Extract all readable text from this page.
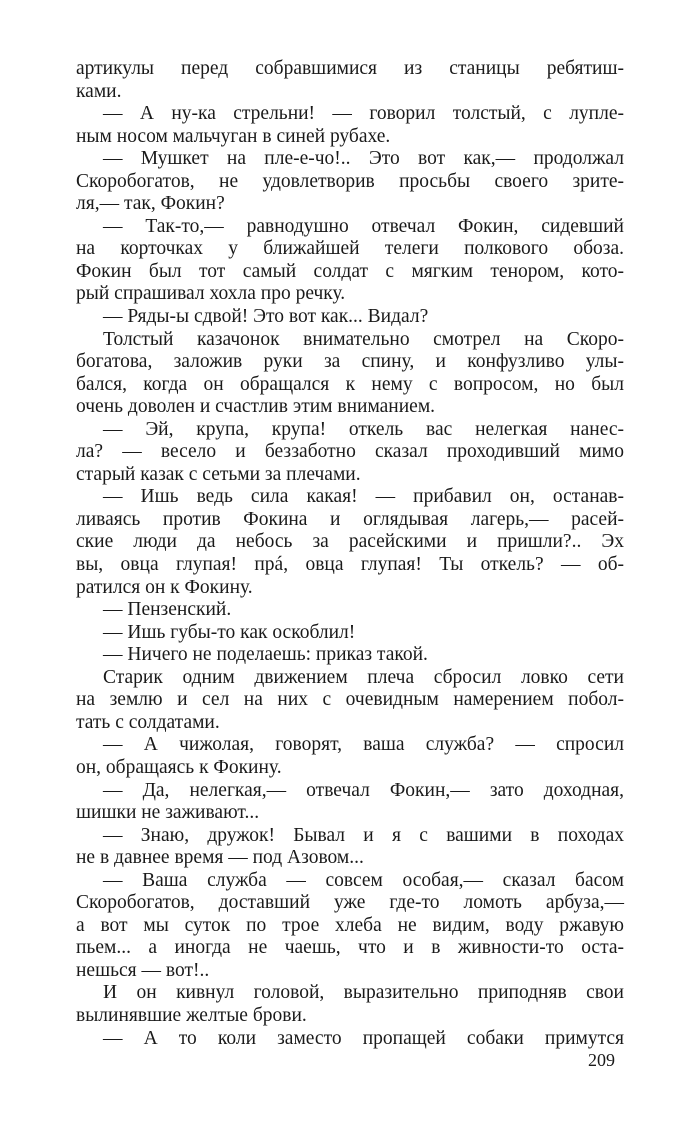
артикулы перед собравшимися из станицы ребятиш-
ками.
— А ну-ка стрельни! — говорил толстый, с лупле-
ным носом мальчуган в синей рубахе.
— Мушкет на пле-е-чо!.. Это вот как,— продолжал
Скоробогатов, не удовлетворив просьбы своего зрите-
ля,— так, Фокин?
— Так-то,— равнодушно отвечал Фокин, сидевший
на корточках у ближайшей телеги полкового обоза.
Фокин был тот самый солдат с мягким тенором, кото-
рый спрашивал хохла про речку.
— Ряды-ы сдвой! Это вот как... Видал?
Толстый казачонок внимательно смотрел на Скоро-
богатова, заложив руки за спину, и конфузливо улы-
бался, когда он обращался к нему с вопросом, но был
очень доволен и счастлив этим вниманием.
— Эй, крупа, крупа! откель вас нелегкая нанес-
ла? — весело и беззаботно сказал проходивший мимо
старый казак с сетьми за плечами.
— Ишь ведь сила какая! — прибавил он, останав-
ливаясь против Фокина и оглядывая лагерь,— расей-
ские люди да небось за расейскими и пришли?.. Эх
вы, овца глупая! прá, овца глупая! Ты откель? — об-
ратился он к Фокину.
— Пензенский.
— Ишь губы-то как оскоблил!
— Ничего не поделаешь: приказ такой.
Старик одним движением плеча сбросил ловко сети
на землю и сел на них с очевидным намерением побол-
тать с солдатами.
— А чижолая, говорят, ваша служба? — спросил
он, обращаясь к Фокину.
— Да, нелегкая,— отвечал Фокин,— зато доходная,
шишки не заживают...
— Знаю, дружок! Бывал и я с вашими в походах
не в давнее время — под Азовом...
— Ваша служба — совсем особая,— сказал басом
Скоробогатов, доставший уже где-то ломоть арбуза,—
а вот мы суток по трое хлеба не видим, воду ржавую
пьем... а иногда не чаешь, что и в живности-то оста-
нешься — вот!..
И он кивнул головой, выразительно приподняв свои
вылинявшие желтые брови.
— А то коли заместо пропащей собаки примутся
209
